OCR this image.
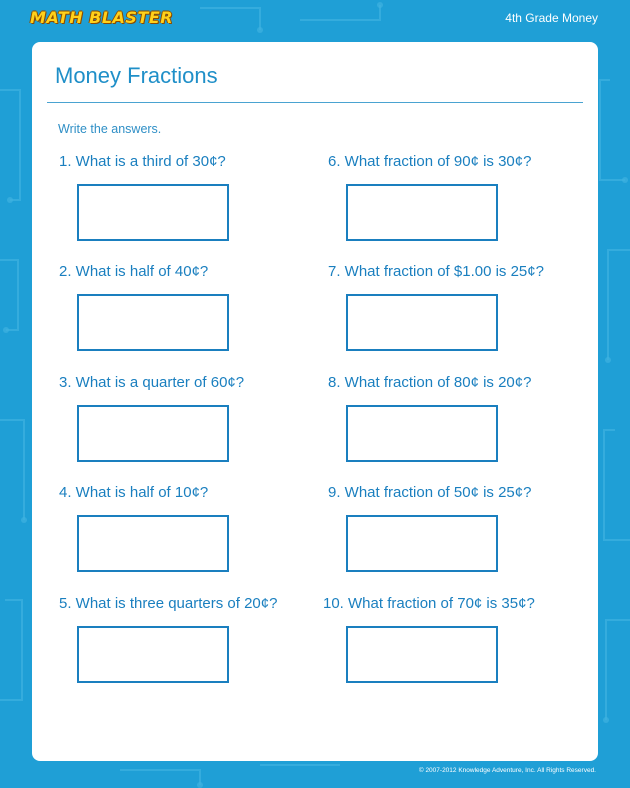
MATH BLASTER	4th Grade Money
Money Fractions
Write the answers.
1. What is a third of 30¢?
2. What is half of 40¢?
3. What is a quarter of 60¢?
4. What is half of 10¢?
5. What is three quarters of 20¢?
6. What fraction of 90¢ is 30¢?
7. What fraction of $1.00 is 25¢?
8. What fraction of 80¢ is 20¢?
9. What fraction of 50¢ is 25¢?
10. What fraction of 70¢ is 35¢?
© 2007-2012 Knowledge Adventure, Inc. All Rights Reserved.
